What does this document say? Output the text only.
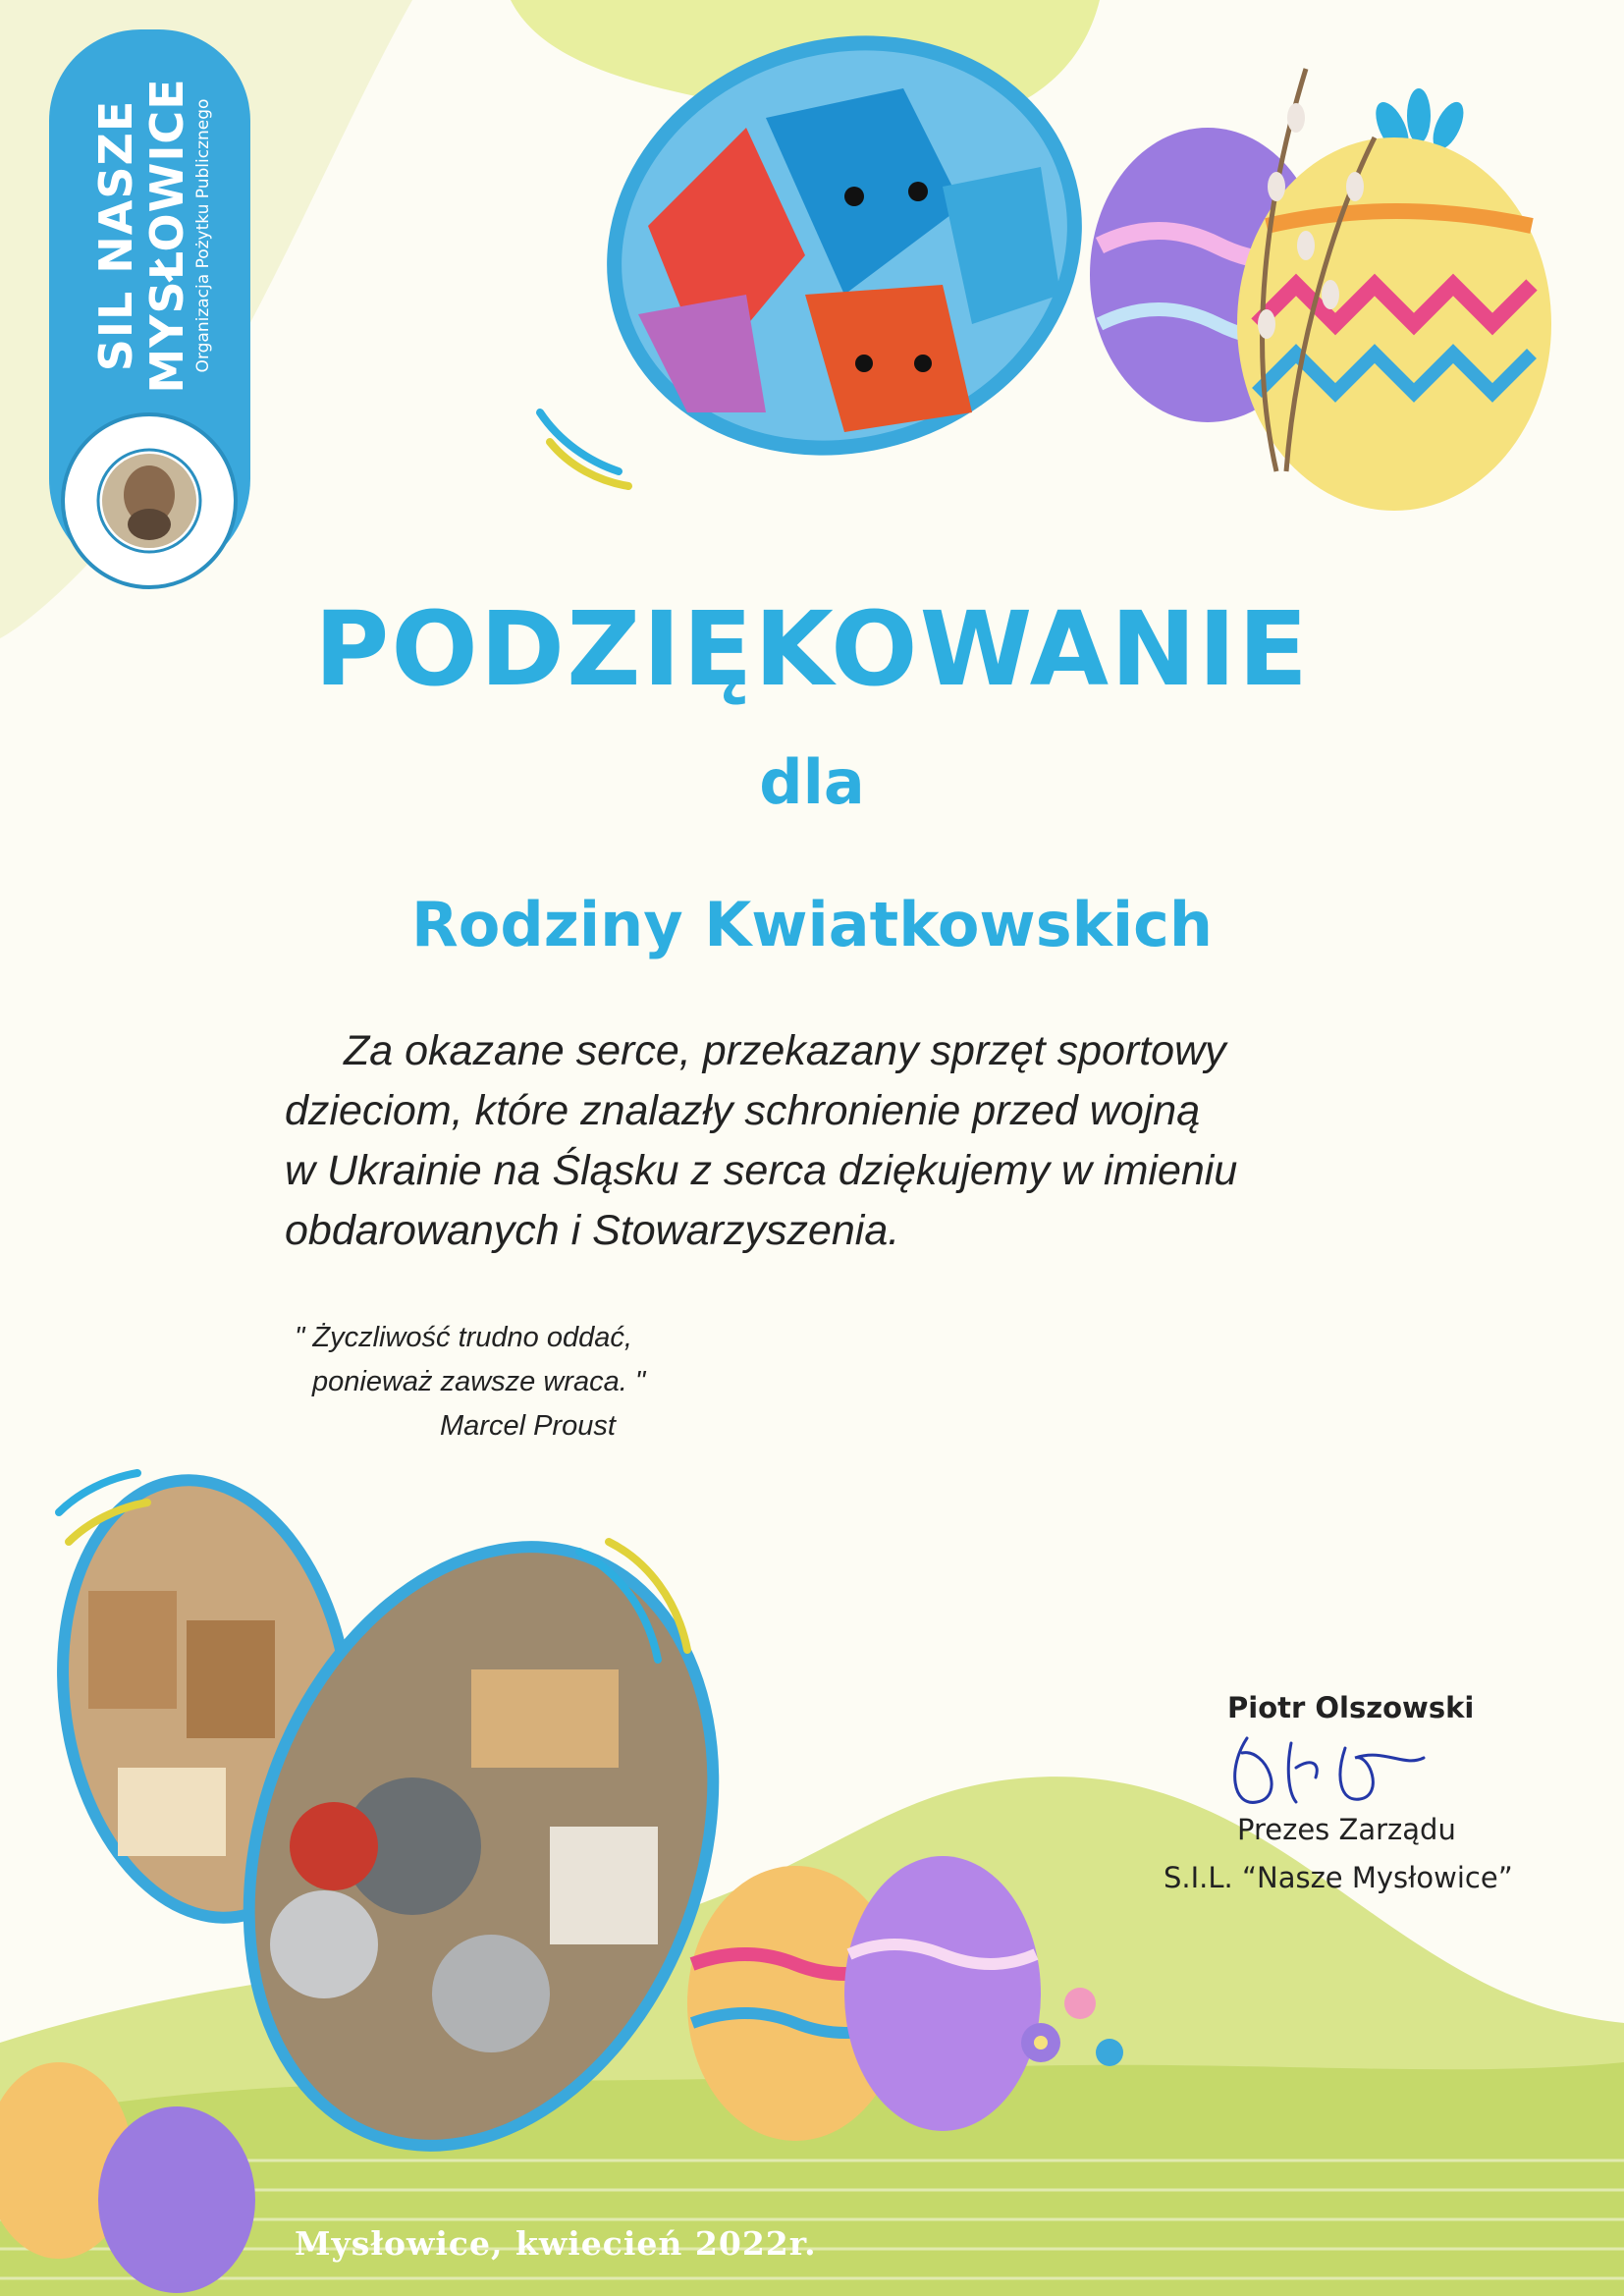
SIL NASZE
MYSŁOWICE Organizacja Pożytku Publicznego
PODZIĘKOWANIE
dla
Rodziny Kwiatkowskich
Za okazane serce, przekazany sprzęt sportowy
dzieciom, które znalazły schronienie przed wojną
w Ukrainie na Śląsku z serca dziękujemy w imieniu
obdarowanych i Stowarzyszenia.
" Życzliwość trudno oddać,
ponieważ zawsze wraca. "
Marcel Proust
Piotr Olszowski
Prezes Zarządu
S.I.L. “Nasze Mysłowice”
Mysłowice, kwiecień 2022r.
